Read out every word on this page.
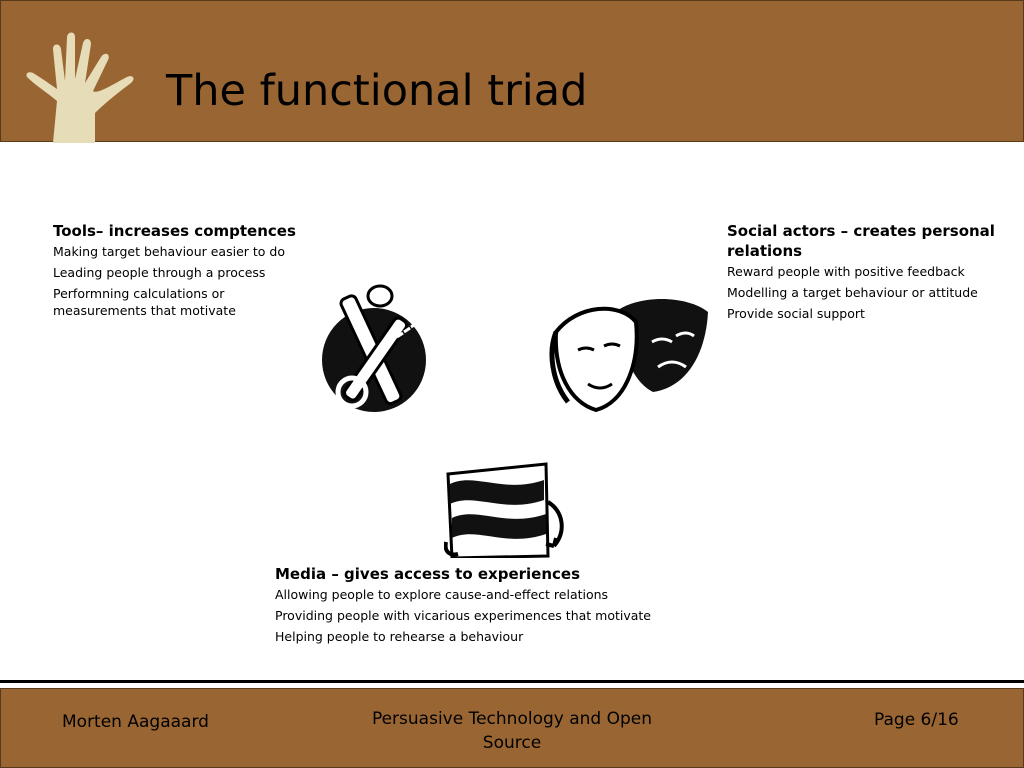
The functional triad
Tools– increases comptences
Making target behaviour easier to do
Leading people through a process
Performning calculations or measurements that motivate
Social actors – creates personal relations
Reward people with positive feedback
Modelling a target behaviour or attitude
Provide social support
Media – gives access to experiences
Allowing people to explore cause-and-effect relations
Providing people with vicarious experimences that motivate
Helping people to rehearse a behaviour
Morten Aagaaard	Persuasive Technology and Open Source
Page 6/16
